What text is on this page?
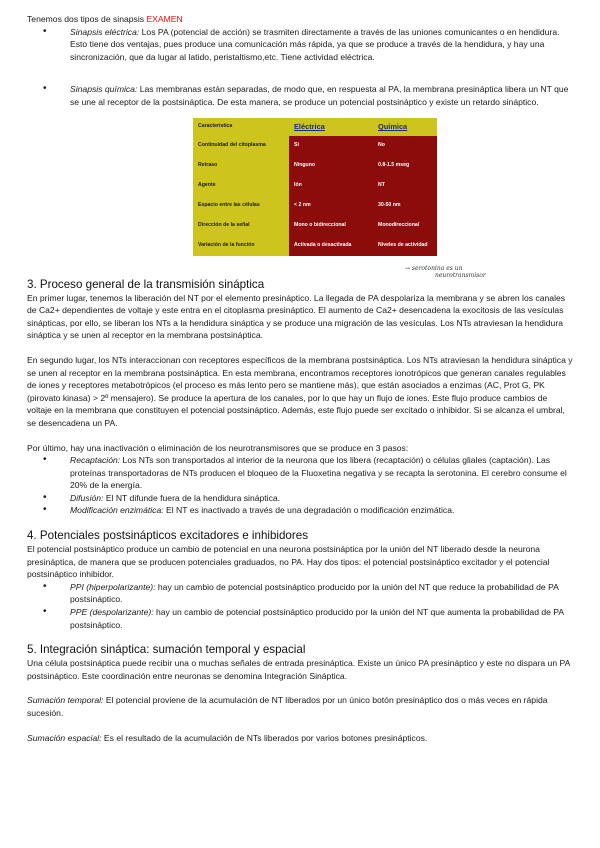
Tenemos dos tipos de sinapsis EXAMEN

• Sinapsis eléctrica: Los PA (potencial de acción) se trasmiten directamente a través de las uniones comunicantes o en hendidura. Esto tiene dos ventajas, pues produce una comunicación más rápida, ya que se produce a través de la hendidura, y hay una sincronización, que da lugar al latido, peristaltismo,etc. Tiene actividad eléctrica.
• Sinapsis química: Las membranas están separadas, de modo que, en respuesta al PA, la membrana presináptica libera un NT que se une al receptor de la postsináptica. De esta manera, se produce un potencial postsináptico y existe un retardo sináptico.
Característica	Eléctrica	Química
Continuidad del citoplasma	Sí	No
Retraso	Ninguno	0.8-1.5 mseg
Agente	Ión	NT
Espacio entre las células	< 2 nm	30-50 nm
Dirección de la señal	Mono o bidireccional	Monodireccional
Variación de la función	Activada o desactivada	Niveles de actividad
→ serotonina es un
neurotransmisor
3. Proceso general de la transmisión sináptica

En primer lugar, tenemos la liberación del NT por el elemento presináptico. La llegada de PA despolariza la membrana y se abren los canales de Ca2+ dependientes de voltaje y este entra en el citoplasma presináptico. El aumento de Ca2+ desencadena la exocitosis de las vesículas sinápticas, por ello, se liberan los NTs a la hendidura sináptica y se produce una migración de las vesículas. Los NTs atraviesan la hendidura sináptica y se unen al receptor en la membrana postsináptica.

En segundo lugar, los NTs interaccionan con receptores específicos de la membrana postsináptica. Los NTs atraviesan la hendidura sináptica y se unen al receptor en la membrana postsináptica. En esta membrana, encontramos receptores ionotrópicos que generan canales regulables de iones y receptores metabotrópicos (el proceso es más lento pero se mantiene más), que están asociados a enzimas (AC, Prot G, PK (pirovato kinasa) > 2º mensajero). Se produce la apertura de los canales, por lo que hay un flujo de iones. Este flujo produce cambios de voltaje en la membrana que constituyen el potencial postsináptico. Además, este flujo puede ser excitado o inhibidor. Si se alcanza el umbral, se desencadena un PA.

Por último, hay una inactivación o eliminación de los neurotransmisores que se produce en 3 pasos:

• Recaptación: Los NTs son transportados al interior de la neurona que los libera (recaptación) o células gliales (captación). Las proteínas transportadoras de NTs producen el bloqueo de la Fluoxetina negativa y se recapta la serotonina. El cerebro consume el 20% de la energía.
• Difusión: El NT difunde fuera de la hendidura sináptica.
• Modificación enzimática: El NT es inactivado a través de una degradación o modificación enzimática.
4. Potenciales postsinápticos excitadores e inhibidores

El potencial postsináptico produce un cambio de potencial en una neurona postsináptica por la unión del NT liberado desde la neurona presináptica, de manera que se producen potenciales graduados, no PA. Hay dos tipos: el potencial postsináptico excitador y el potencial postsináptico inhibidor.

• PPI (hiperpolarizante): hay un cambio de potencial postsináptico producido por la unión del NT que reduce la probabilidad de PA postsináptico.
• PPE (despolarizante): hay un cambio de potencial postsináptico producido por la unión del NT que aumenta la probabilidad de PA postsináptico.
5. Integración sináptica: sumación temporal y espacial

Una célula postsináptica puede recibir una o muchas señales de entrada presináptica. Existe un único PA presináptico y este no dispara un PA postsináptico. Este coordinación entre neuronas se denomina Integración Sináptica.

Sumación temporal: El potencial proviene de la acumulación de NT liberados por un único botón presináptico dos o más veces en rápida sucesión.

Sumación espacial: Es el resultado de la acumulación de NTs liberados por varios botones presinápticos.
